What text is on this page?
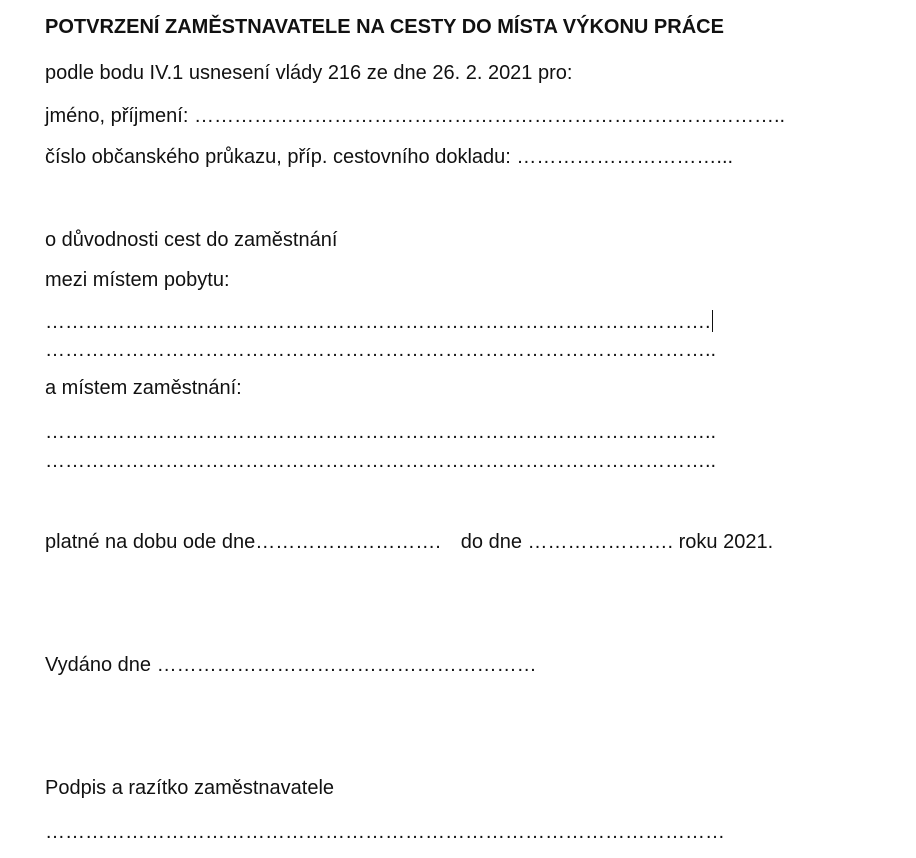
POTVRZENÍ ZAMĚSTNAVATELE NA CESTY DO MÍSTA VÝKONU PRÁCE
podle bodu IV.1 usnesení vlády 216 ze dne 26. 2. 2021 pro:
jméno, příjmení: ……………………………………………………………………………..
číslo občanského průkazu, příp. cestovního dokladu: …………………………...
o důvodnosti cest do zaměstnání
mezi místem pobytu:
……………………………………………………………………………………….
………………………………………………………………………………………..
a místem zaměstnání:
………………………………………………………………………………………..
………………………………………………………………………………………..
platné na dobu ode dne………………………. do dne …………………. roku 2021.
Vydáno dne …………………………………………………
Podpis a razítko zaměstnavatele
…………………………………………………………………………………………
